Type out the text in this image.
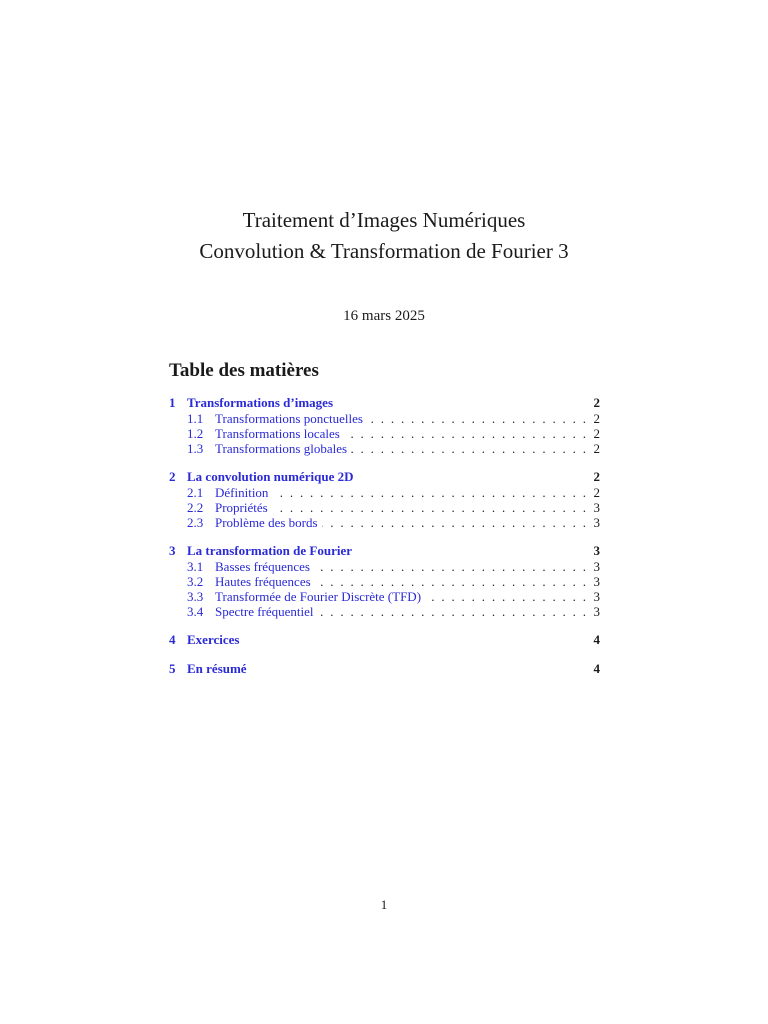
Traitement d’Images Numériques
Convolution & Transformation de Fourier 3
16 mars 2025
Table des matières
1 Transformations d’images	2
1.1 Transformations ponctuelles . . .	2
1.2 Transformations locales . . .	2
1.3 Transformations globales . . .	2
2 La convolution numérique 2D	2
2.1 Définition . . .	2
2.2 Propriétés . . .	3
2.3 Problème des bords . . .	3
3 La transformation de Fourier	3
3.1 Basses fréquences . . .	3
3.2 Hautes fréquences . . .	3
3.3 Transformée de Fourier Discrète (TFD) . . .	3
3.4 Spectre fréquentiel . . .	3
4 Exercices	4
5 En résumé	4
1
